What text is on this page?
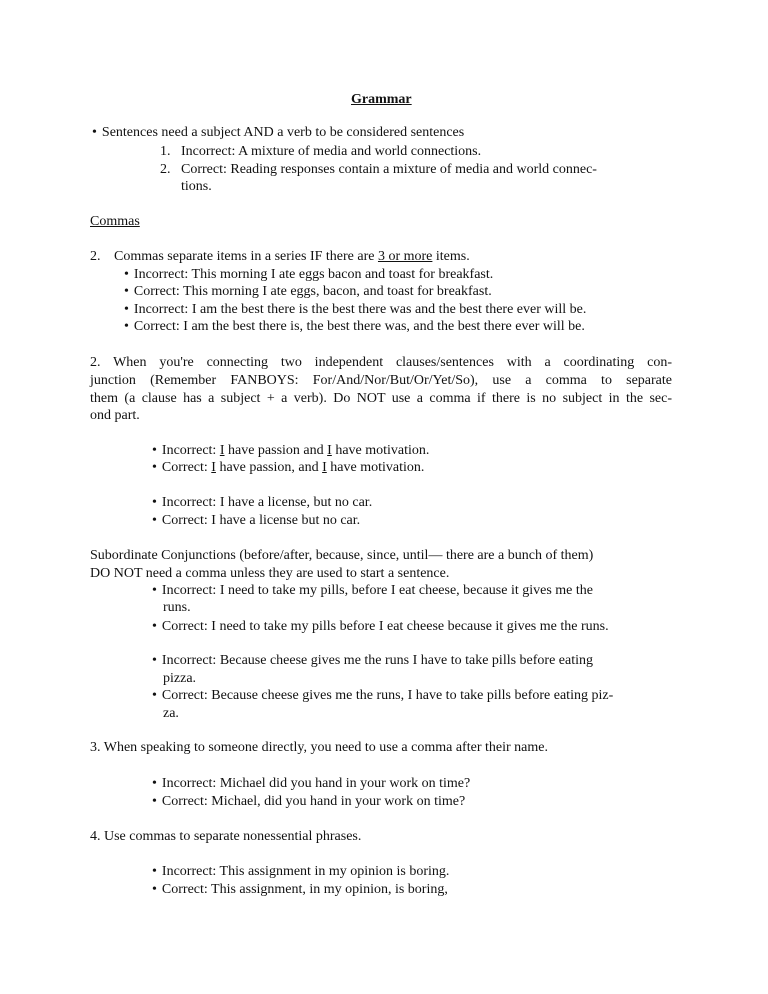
Grammar
• Sentences need a subject AND a verb to be considered sentences
1. Incorrect: A mixture of media and world connections.
2. Correct: Reading responses contain a mixture of media and world connec-
tions.
Commas
2. Commas separate items in a series IF there are 3 or more items.
• Incorrect: This morning I ate eggs bacon and toast for breakfast.
• Correct: This morning I ate eggs, bacon, and toast for breakfast.
• Incorrect: I am the best there is the best there was and the best there ever will be.
• Correct: I am the best there is, the best there was, and the best there ever will be.
2. When you're connecting two independent clauses/sentences with a coordinating con-
junction (Remember FANBOYS: For/And/Nor/But/Or/Yet/So), use a comma to separate
them (a clause has a subject + a verb). Do NOT use a comma if there is no subject in the sec-
ond part.
• Incorrect: I have passion and I have motivation.
• Correct: I have passion, and I have motivation.
• Incorrect: I have a license, but no car.
• Correct: I have a license but no car.
Subordinate Conjunctions (before/after, because, since, until— there are a bunch of them)
DO NOT need a comma unless they are used to start a sentence.
• Incorrect: I need to take my pills, before I eat cheese, because it gives me the
runs.
• Correct: I need to take my pills before I eat cheese because it gives me the runs.
• Incorrect: Because cheese gives me the runs I have to take pills before eating
pizza.
• Correct: Because cheese gives me the runs, I have to take pills before eating piz-
za.
3. When speaking to someone directly, you need to use a comma after their name.
• Incorrect: Michael did you hand in your work on time?
• Correct: Michael, did you hand in your work on time?
4. Use commas to separate nonessential phrases.
• Incorrect: This assignment in my opinion is boring.
• Correct: This assignment, in my opinion, is boring,
